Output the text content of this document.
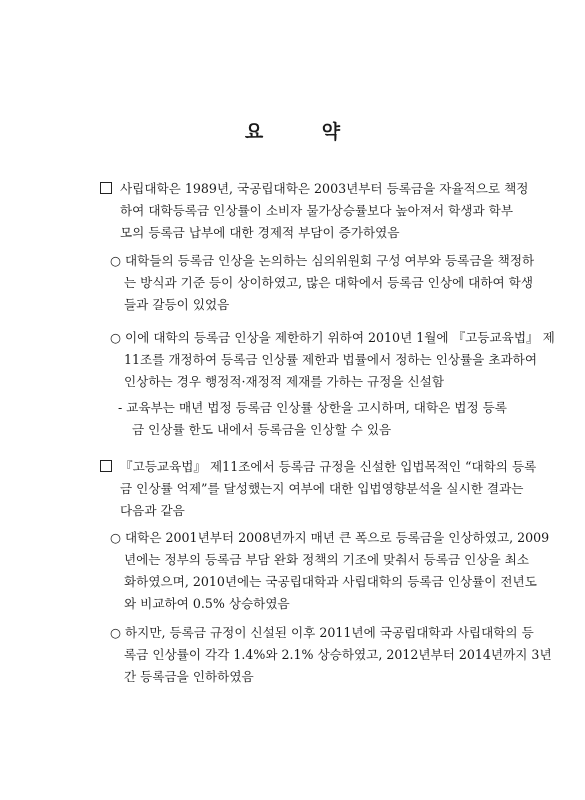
요 약
사립대학은 1989년, 국공립대학은 2003년부터 등록금을 자율적으로 책정
하여 대학등록금 인상률이 소비자 물가상승률보다 높아져서 학생과 학부
모의 등록금 납부에 대한 경제적 부담이 증가하였음
○ 대학들의 등록금 인상을 논의하는 심의위원회 구성 여부와 등록금을 책정하
는 방식과 기준 등이 상이하였고, 많은 대학에서 등록금 인상에 대하여 학생
들과 갈등이 있었음
○ 이에 대학의 등록금 인상을 제한하기 위하여 2010년 1월에 『고등교육법』 제
11조를 개정하여 등록금 인상률 제한과 법률에서 정하는 인상률을 초과하여
인상하는 경우 행정적·재정적 제재를 가하는 규정을 신설함
- 교육부는 매년 법정 등록금 인상률 상한을 고시하며, 대학은 법정 등록
금 인상률 한도 내에서 등록금을 인상할 수 있음
『고등교육법』 제11조에서 등록금 규정을 신설한 입법목적인 “대학의 등록
금 인상률 억제”를 달성했는지 여부에 대한 입법영향분석을 실시한 결과는
다음과 같음
○ 대학은 2001년부터 2008년까지 매년 큰 폭으로 등록금을 인상하였고, 2009
년에는 정부의 등록금 부담 완화 정책의 기조에 맞춰서 등록금 인상을 최소
화하였으며, 2010년에는 국공립대학과 사립대학의 등록금 인상률이 전년도
와 비교하여 0.5% 상승하였음
○ 하지만, 등록금 규정이 신설된 이후 2011년에 국공립대학과 사립대학의 등
록금 인상률이 각각 1.4%와 2.1% 상승하였고, 2012년부터 2014년까지 3년
간 등록금을 인하하였음
